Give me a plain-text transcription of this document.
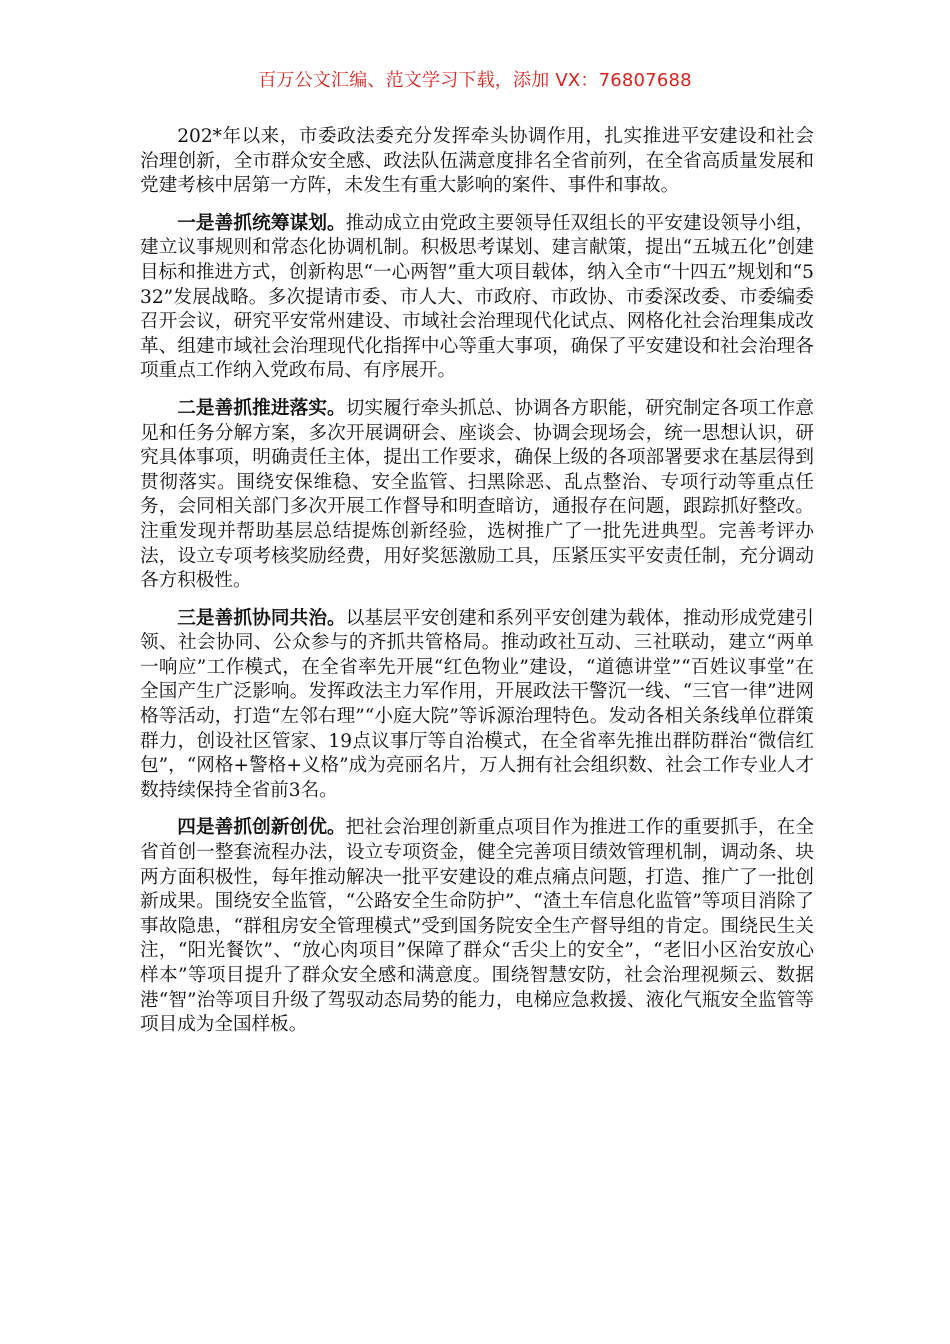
百万公文汇编、范文学习下载，添加 VX：76807688

202*年以来，市委政法委充分发挥牵头协调作用，扎实推进平安建设和社会治理创新，全市群众安全感、政法队伍满意度排名全省前列，在全省高质量发展和党建考核中居第一方阵，未发生有重大影响的案件、事件和事故。

一是善抓统筹谋划。推动成立由党政主要领导任双组长的平安建设领导小组，建立议事规则和常态化协调机制。积极思考谋划、建言献策，提出“五城五化”创建目标和推进方式，创新构思“一心两智”重大项目载体，纳入全市“十四五”规划和“532”发展战略。多次提请市委、市人大、市政府、市政协、市委深改委、市委编委召开会议，研究平安常州建设、市域社会治理现代化试点、网格化社会治理集成改革、组建市域社会治理现代化指挥中心等重大事项，确保了平安建设和社会治理各项重点工作纳入党政布局、有序展开。

二是善抓推进落实。切实履行牵头抓总、协调各方职能，研究制定各项工作意见和任务分解方案，多次开展调研会、座谈会、协调会现场会，统一思想认识，研究具体事项，明确责任主体，提出工作要求，确保上级的各项部署要求在基层得到贯彻落实。围绕安保维稳、安全监管、扫黑除恶、乱点整治、专项行动等重点任务，会同相关部门多次开展工作督导和明查暗访，通报存在问题，跟踪抓好整改。注重发现并帮助基层总结提炼创新经验，选树推广了一批先进典型。完善考评办法，设立专项考核奖励经费，用好奖惩激励工具，压紧压实平安责任制，充分调动各方积极性。

三是善抓协同共治。以基层平安创建和系列平安创建为载体，推动形成党建引领、社会协同、公众参与的齐抓共管格局。推动政社互动、三社联动，建立“两单一响应”工作模式，在全省率先开展“红色物业”建设，“道德讲堂”“百姓议事堂”在全国产生广泛影响。发挥政法主力军作用，开展政法干警沉一线、“三官一律”进网格等活动，打造“左邻右理”“小庭大院”等诉源治理特色。发动各相关条线单位群策群力，创设社区管家、19点议事厅等自治模式，在全省率先推出群防群治“微信红包”，“网格+警格+义格”成为亮丽名片，万人拥有社会组织数、社会工作专业人才数持续保持全省前3名。

四是善抓创新创优。把社会治理创新重点项目作为推进工作的重要抓手，在全省首创一整套流程办法，设立专项资金，健全完善项目绩效管理机制，调动条、块两方面积极性，每年推动解决一批平安建设的难点痛点问题，打造、推广了一批创新成果。围绕安全监管，“公路安全生命防护”、“渣土车信息化监管”等项目消除了事故隐患，“群租房安全管理模式”受到国务院安全生产督导组的肯定。围绕民生关注，“阳光餐饮”、“放心肉项目”保障了群众“舌尖上的安全”，“老旧小区治安放心样本”等项目提升了群众安全感和满意度。围绕智慧安防，社会治理视频云、数据港“智”治等项目升级了驾驭动态局势的能力，电梯应急救援、液化气瓶安全监管等项目成为全国样板。
